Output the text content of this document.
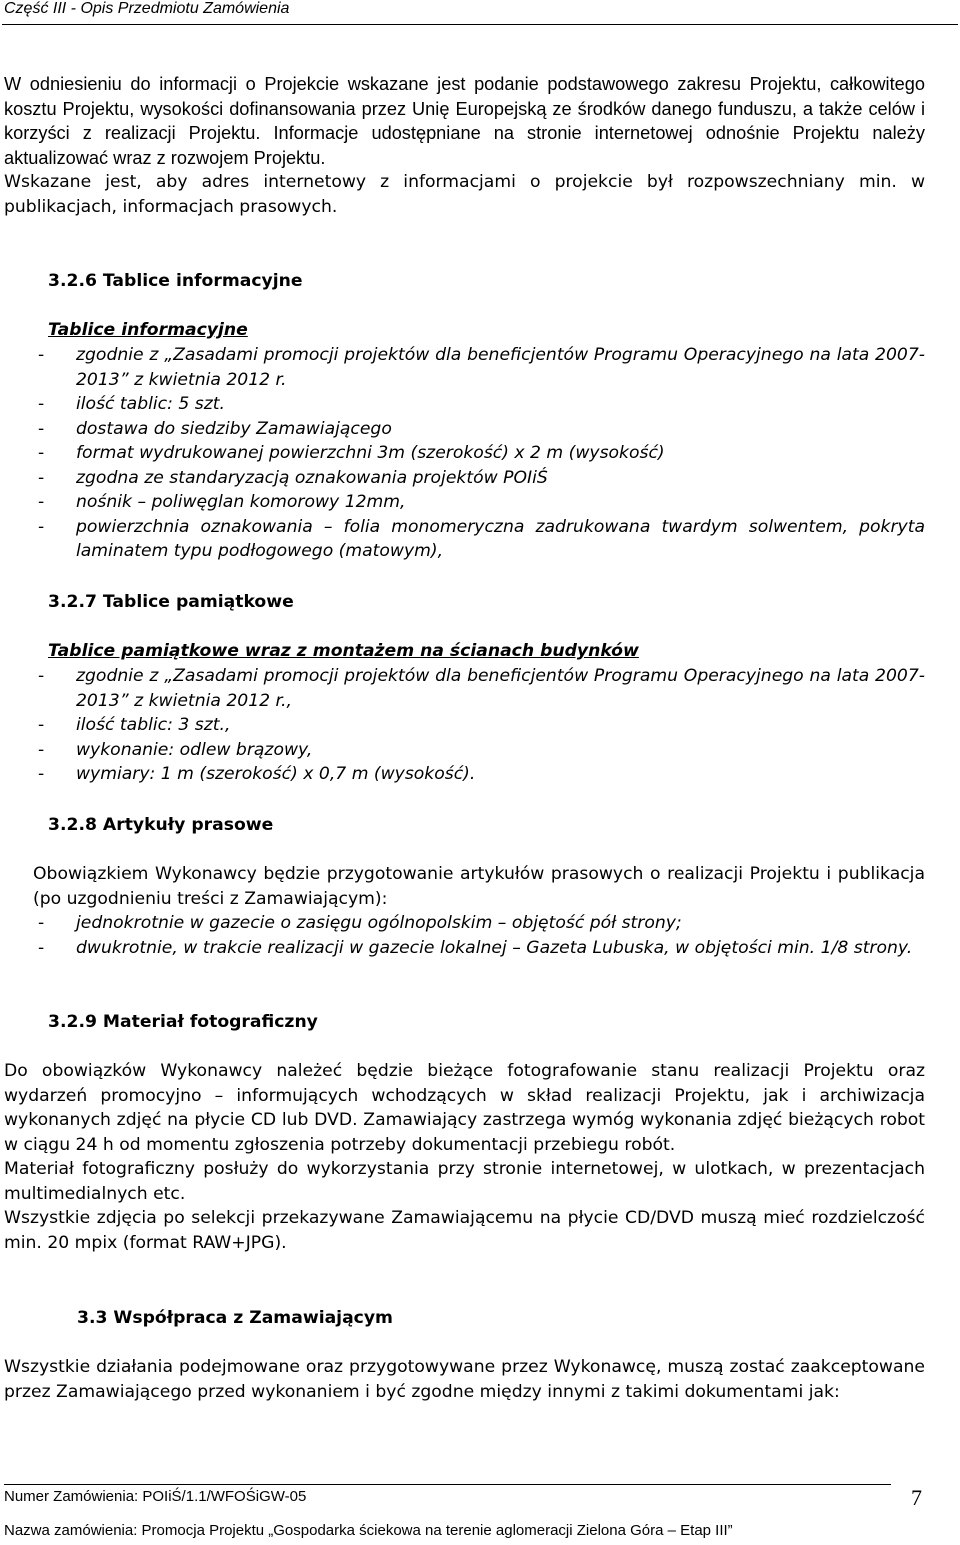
Część III - Opis Przedmiotu Zamówienia

W odniesieniu do informacji o Projekcie wskazane jest podanie podstawowego zakresu Projektu, całkowitego kosztu Projektu, wysokości dofinansowania przez Unię Europejską ze środków danego funduszu, a także celów i korzyści z realizacji Projektu. Informacje udostępniane na stronie internetowej odnośnie Projektu należy aktualizować wraz z rozwojem Projektu.

Wskazane jest, aby adres internetowy z informacjami o projekcie był rozpowszechniany min. w publikacjach, informacjach prasowych.

3.2.6 Tablice informacyjne
Tablice informacyjne
- zgodnie z „Zasadami promocji projektów dla beneficjentów Programu Operacyjnego na lata 2007-2013” z kwietnia 2012 r.
- ilość tablic: 5 szt.
- dostawa do siedziby Zamawiającego
- format wydrukowanej powierzchni 3m (szerokość) x 2 m (wysokość)
- zgodna ze standaryzacją oznakowania projektów POIiŚ
- nośnik – poliwęglan komorowy 12mm,
- powierzchnia oznakowania – folia monomeryczna zadrukowana twardym solwentem, pokryta laminatem typu podłogowego (matowym),
3.2.7 Tablice pamiątkowe
Tablice pamiątkowe wraz z montażem na ścianach budynków
- zgodnie z „Zasadami promocji projektów dla beneficjentów Programu Operacyjnego na lata 2007-2013” z kwietnia 2012 r.,
- ilość tablic: 3 szt.,
- wykonanie: odlew brązowy,
- wymiary: 1 m (szerokość) x 0,7 m (wysokość).
3.2.8 Artykuły prasowe

Obowiązkiem Wykonawcy będzie przygotowanie artykułów prasowych o realizacji Projektu i publikacja (po uzgodnieniu treści z Zamawiającym):

- jednokrotnie w gazecie o zasięgu ogólnopolskim – objętość pół strony;
- dwukrotnie, w trakcie realizacji w gazecie lokalnej – Gazeta Lubuska, w objętości min. 1/8 strony.
3.2.9 Materiał fotograficzny

Do obowiązków Wykonawcy należeć będzie bieżące fotografowanie stanu realizacji Projektu oraz wydarzeń promocyjno – informujących wchodzących w skład realizacji Projektu, jak i archiwizacja wykonanych zdjęć na płycie CD lub DVD. Zamawiający zastrzega wymóg wykonania zdjęć bieżących robot w ciągu 24 h od momentu zgłoszenia potrzeby dokumentacji przebiegu robót.

Materiał fotograficzny posłuży do wykorzystania przy stronie internetowej, w ulotkach, w prezentacjach multimedialnych etc.

Wszystkie zdjęcia po selekcji przekazywane Zamawiającemu na płycie CD/DVD muszą mieć rozdzielczość min. 20 mpix (format RAW+JPG).

3.3 Współpraca z Zamawiającym

Wszystkie działania podejmowane oraz przygotowywane przez Wykonawcę, muszą zostać zaakceptowane przez Zamawiającego przed wykonaniem i być zgodne między innymi z takimi dokumentami jak:

Numer Zamówienia: POIiŚ/1.1/WFOŚiGW-05	7
Nazwa zamówienia: Promocja Projektu „Gospodarka ściekowa na terenie aglomeracji Zielona Góra – Etap III”
